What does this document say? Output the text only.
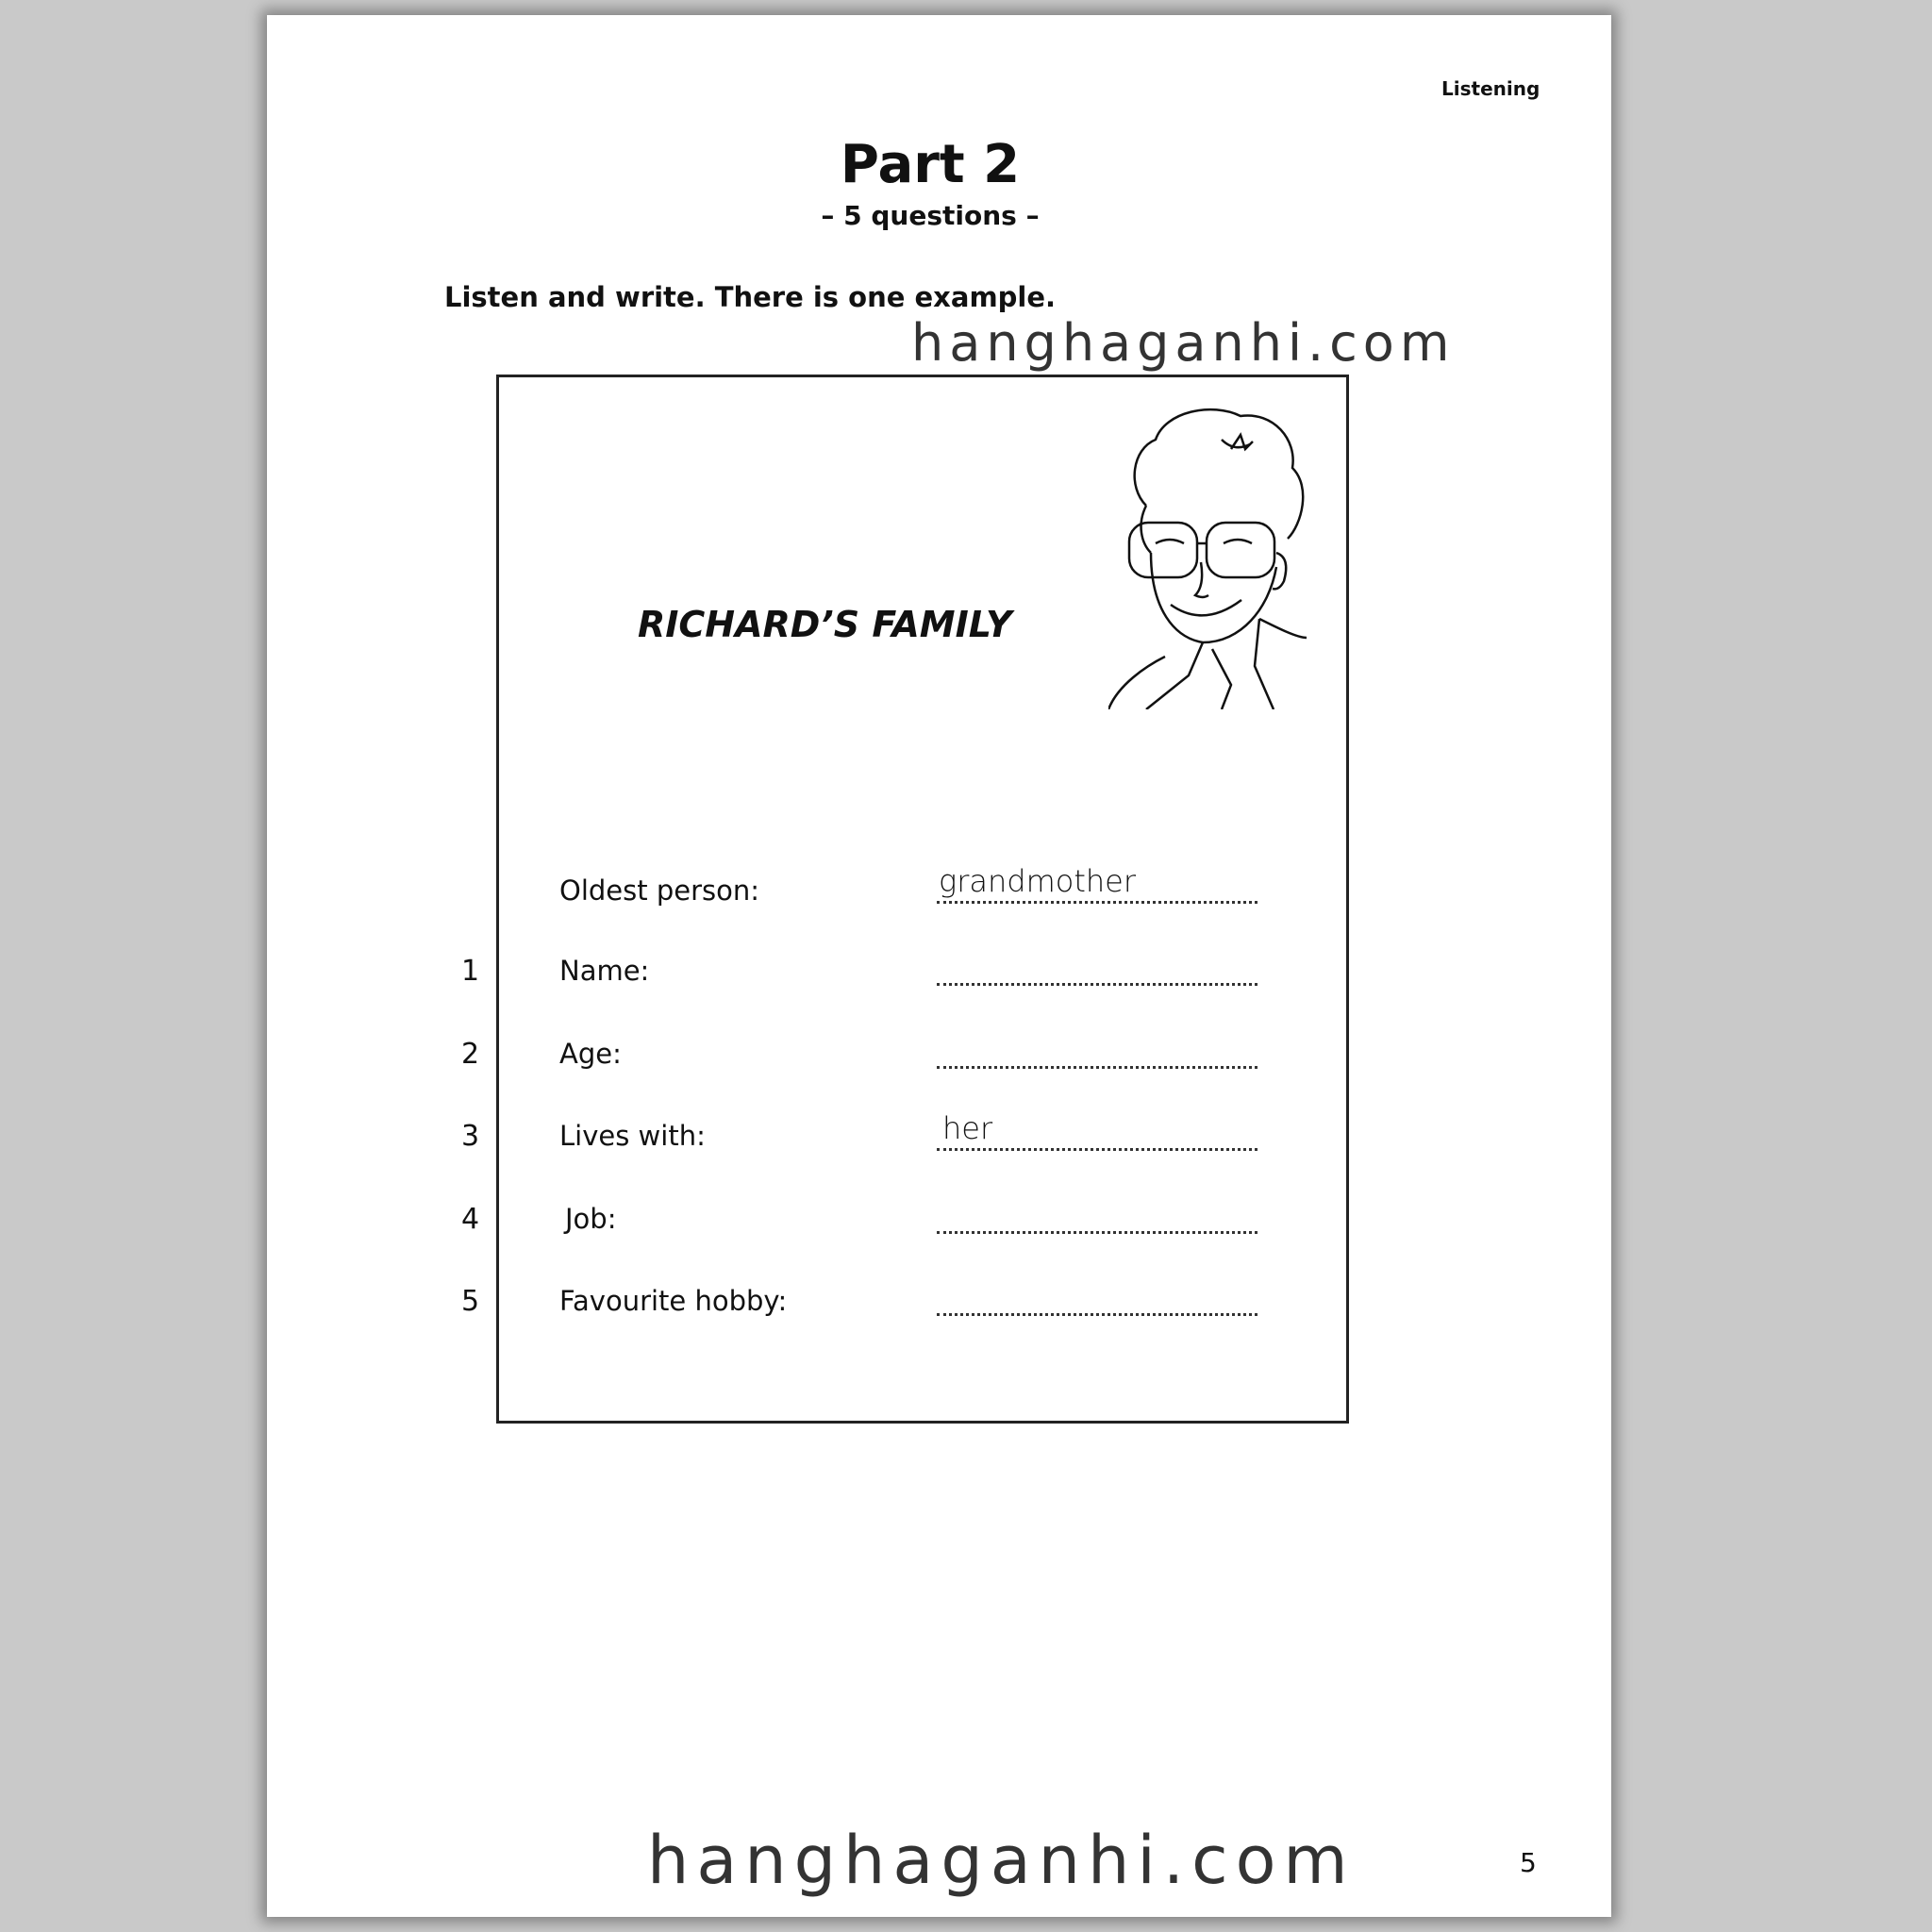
Listening
Part 2
– 5 questions –
Listen and write. There is one example.
hanghaganhi.com
RICHARD’S FAMILY
Oldest person:	grandmother
1	Name:
2	Age:
3	Lives with:	her
4	Job:
5	Favourite hobby:
hanghaganhi.com	5
